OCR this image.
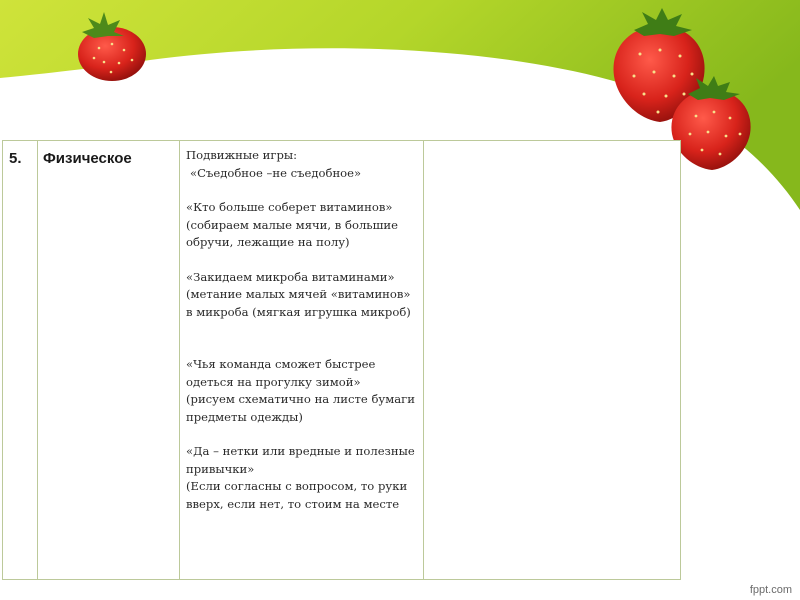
5.	Физическое	Подвижные игры:

«Съедобное –не съедобное»

«Кто больше соберет витаминов»

(собираем малые мячи, в большие обручи, лежащие на полу)

«Закидаем микроба витаминами»

(метание малых мячей «витаминов» в микроба (мягкая игрушка микроб)

«Чья команда сможет быстрее одеться на прогулку зимой»

(рисуем схематично на листе бумаги предметы одежды)

«Да – нетки или вредные и полезные привычки»

(Если согласны с вопросом, то руки вверх, если нет, то стоим на месте

fppt.com
